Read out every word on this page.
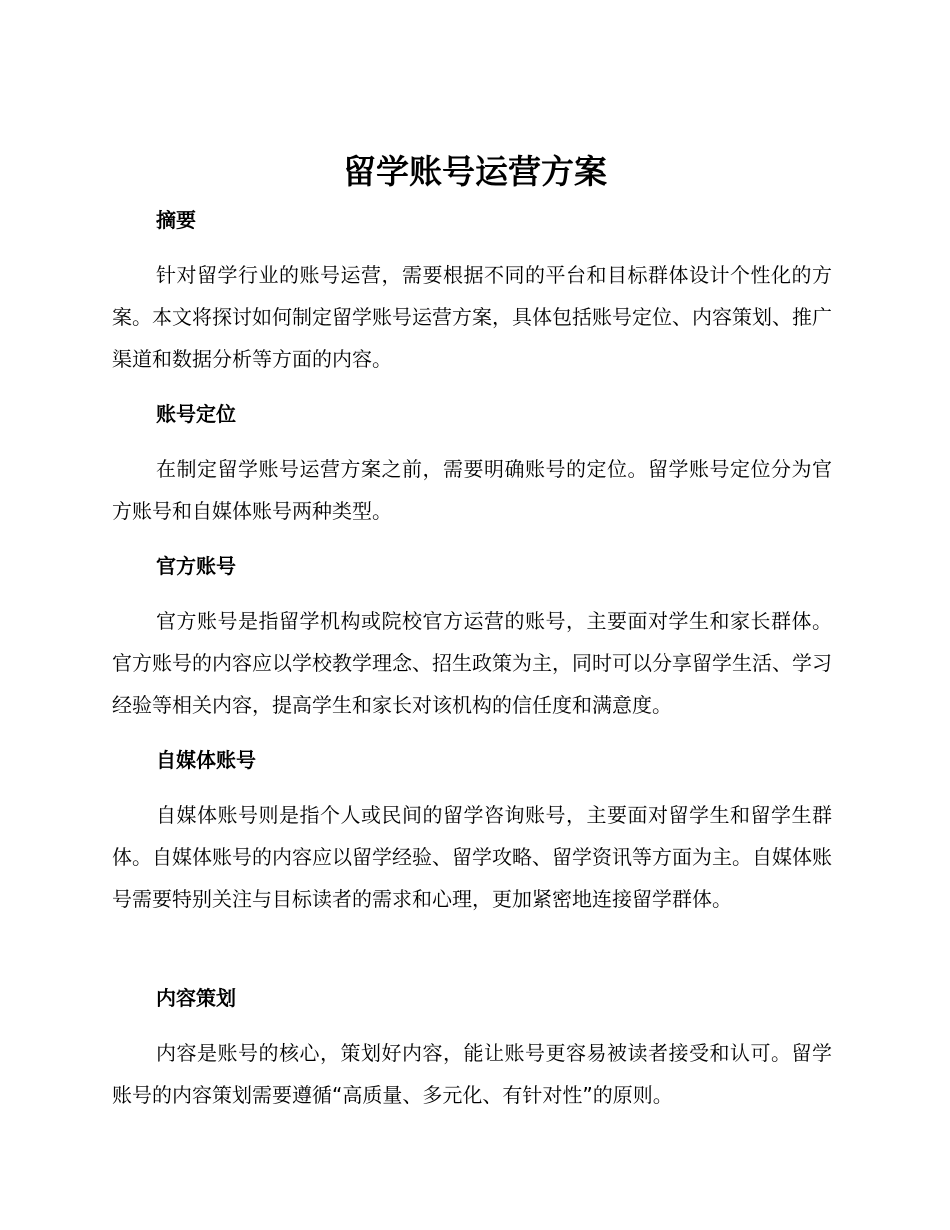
留学账号运营方案
摘要

针对留学行业的账号运营，需要根据不同的平台和目标群体设计个性化的方案。本文将探讨如何制定留学账号运营方案，具体包括账号定位、内容策划、推广渠道和数据分析等方面的内容。

账号定位

在制定留学账号运营方案之前，需要明确账号的定位。留学账号定位分为官方账号和自媒体账号两种类型。

官方账号

官方账号是指留学机构或院校官方运营的账号，主要面对学生和家长群体。官方账号的内容应以学校教学理念、招生政策为主，同时可以分享留学生活、学习经验等相关内容，提高学生和家长对该机构的信任度和满意度。

自媒体账号

自媒体账号则是指个人或民间的留学咨询账号，主要面对留学生和留学生群体。自媒体账号的内容应以留学经验、留学攻略、留学资讯等方面为主。自媒体账号需要特别关注与目标读者的需求和心理，更加紧密地连接留学群体。

内容策划

内容是账号的核心，策划好内容，能让账号更容易被读者接受和认可。留学账号的内容策划需要遵循“高质量、多元化、有针对性”的原则。
